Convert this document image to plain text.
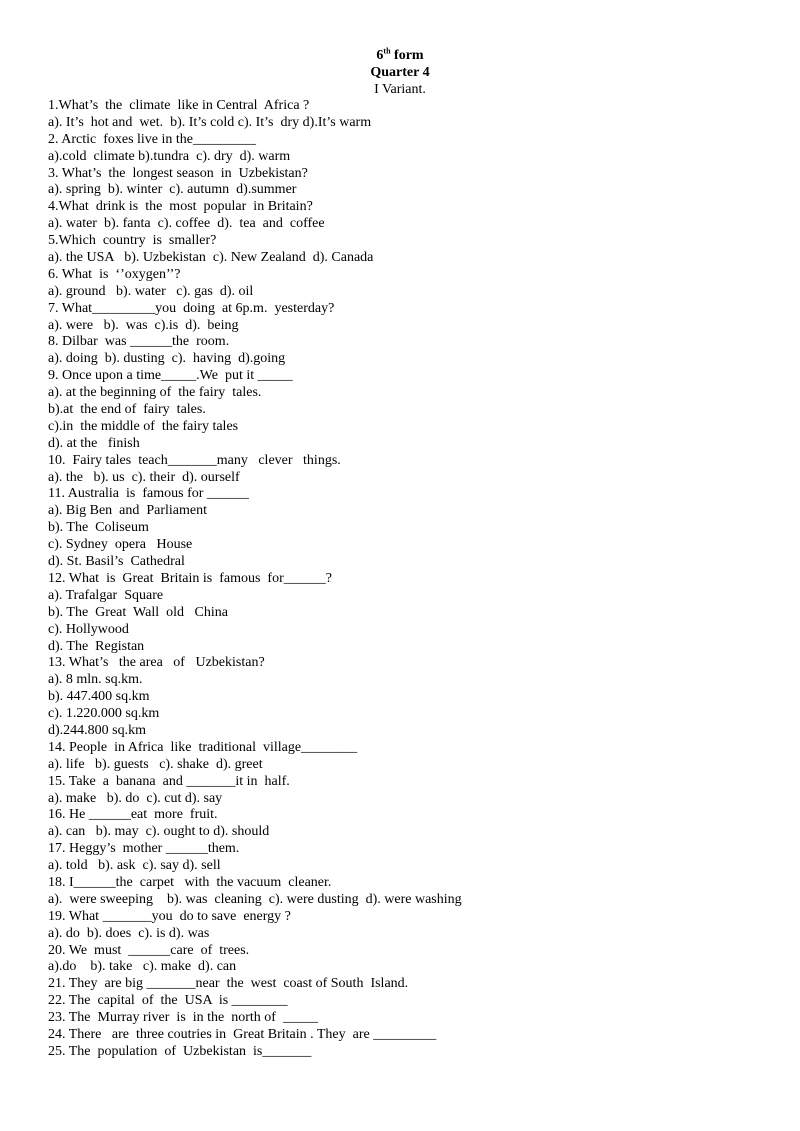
6th form
Quarter 4
I Variant.
1.What’s  the  climate  like in Central  Africa ?
a). It’s  hot and  wet.  b). It’s cold c). It’s  dry d).It’s warm
2. Arctic  foxes live in the_________
a).cold  climate b).tundra  c). dry  d). warm
3. What’s  the  longest season  in  Uzbekistan?
a). spring  b). winter  c). autumn  d).summer
4.What  drink is  the  most  popular  in Britain?
a). water  b). fanta  c). coffee  d).  tea  and  coffee
5.Which  country  is  smaller?
a). the USA   b). Uzbekistan  c). New Zealand  d). Canada
6. What  is  ‘’oxygen’’?
a). ground   b). water   c). gas  d). oil
7. What_________you  doing  at 6p.m.  yesterday?
a). were   b).  was  c).is  d).  being
8. Dilbar  was ______the  room.
a). doing  b). dusting  c).  having  d).going
9. Once upon a time_____.We  put it _____
a). at the beginning of  the fairy  tales.
b).at  the end of  fairy  tales.
c).in  the middle of  the fairy tales
d). at the   finish
10.  Fairy tales  teach_______many   clever   things.
a). the   b). us  c). their  d). ourself
11. Australia  is  famous for ______
a). Big Ben  and  Parliament
b). The  Coliseum
c). Sydney  opera   House
d). St. Basil’s  Cathedral
12. What  is  Great  Britain is  famous  for______?
a). Trafalgar  Square
b). The  Great  Wall  old   China
c). Hollywood
d). The  Registan
13. What’s   the area   of   Uzbekistan?
a). 8 mln. sq.km.
b). 447.400 sq.km
c). 1.220.000 sq.km
d).244.800 sq.km
14. People  in Africa  like  traditional  village________
a). life   b). guests   c). shake  d). greet
15. Take  a  banana  and _______it in  half.
a). make   b). do  c). cut d). say
16. He ______eat  more  fruit.
a). can   b). may  c). ought to d). should
17. Heggy’s  mother ______them.
a). told   b). ask  c). say d). sell
18. I______the  carpet   with  the vacuum  cleaner.
a).  were sweeping    b). was  cleaning  c). were dusting  d). were washing
19. What _______you  do to save  energy ?
a). do  b). does  c). is d). was
20. We  must  ______care  of  trees.
a).do    b). take   c). make  d). can
21. They  are big _______near  the  west  coast of South  Island.
22. The  capital  of  the  USA  is ________
23. The  Murray river  is  in the  north of  _____
24. There   are  three coutries in  Great Britain . They  are _________
25. The  population  of  Uzbekistan  is_______
